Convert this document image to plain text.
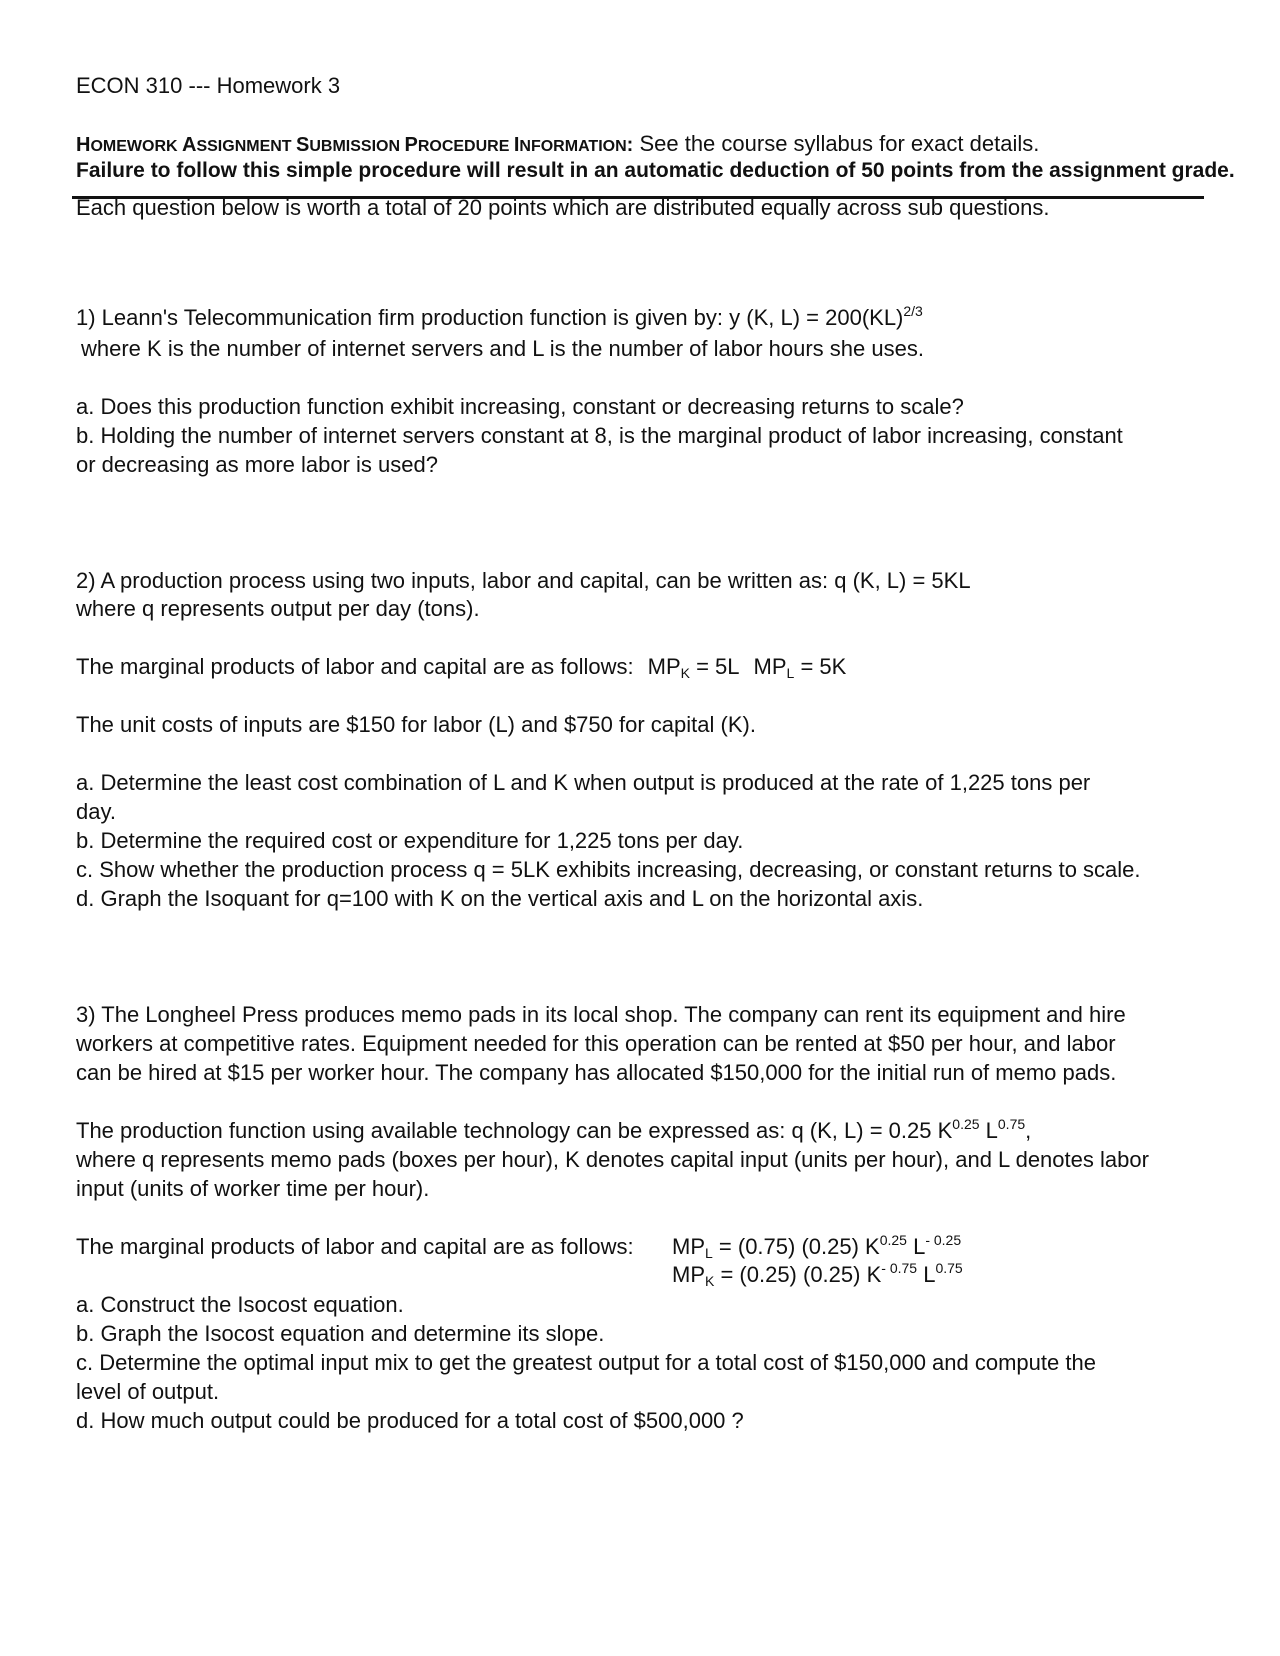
ECON 310 --- Homework 3
HOMEWORK ASSIGNMENT SUBMISSION PROCEDURE INFORMATION: See the course syllabus for exact details.
Failure to follow this simple procedure will result in an automatic deduction of 50 points from the assignment grade.
Each question below is worth a total of 20 points which are distributed equally across sub questions.
1) Leann's Telecommunication firm production function is given by: y (K, L) = 200(KL)$^{2/3}$
where K is the number of internet servers and L is the number of labor hours she uses.
a. Does this production function exhibit increasing, constant or decreasing returns to scale?
b. Holding the number of internet servers constant at 8, is the marginal product of labor increasing, constant
or decreasing as more labor is used?
2) A production process using two inputs, labor and capital, can be written as: q (K, L) = 5KL
where q represents output per day (tons).
The marginal products of labor and capital are as follows: $MP_K = 5L$ $MP_L = 5K$
The unit costs of inputs are $150 for labor (L) and $750 for capital (K).
a. Determine the least cost combination of L and K when output is produced at the rate of 1,225 tons per
day.
b. Determine the required cost or expenditure for 1,225 tons per day.
c. Show whether the production process q = 5LK exhibits increasing, decreasing, or constant returns to scale.
d. Graph the Isoquant for q=100 with K on the vertical axis and L on the horizontal axis.
3) The Longheel Press produces memo pads in its local shop. The company can rent its equipment and hire
workers at competitive rates. Equipment needed for this operation can be rented at $50 per hour, and labor
can be hired at $15 per worker hour. The company has allocated $150,000 for the initial run of memo pads.
The production function using available technology can be expressed as: q (K, L) = 0.25 $K^{0.25}$ $L^{0.75}$,
where q represents memo pads (boxes per hour), K denotes capital input (units per hour), and L denotes labor
input (units of worker time per hour).
The marginal products of labor and capital are as follows: $MP_L = (0.75)$ (0.25) $K^{0.25}$ $L^{- 0.25}$
$MP_K = (0.25)$ (0.25) $K^{- 0.75}$ $L^{0.75}$
a. Construct the Isocost equation.
b. Graph the Isocost equation and determine its slope.
c. Determine the optimal input mix to get the greatest output for a total cost of $150,000 and compute the
level of output.
d. How much output could be produced for a total cost of $500,000 ?
